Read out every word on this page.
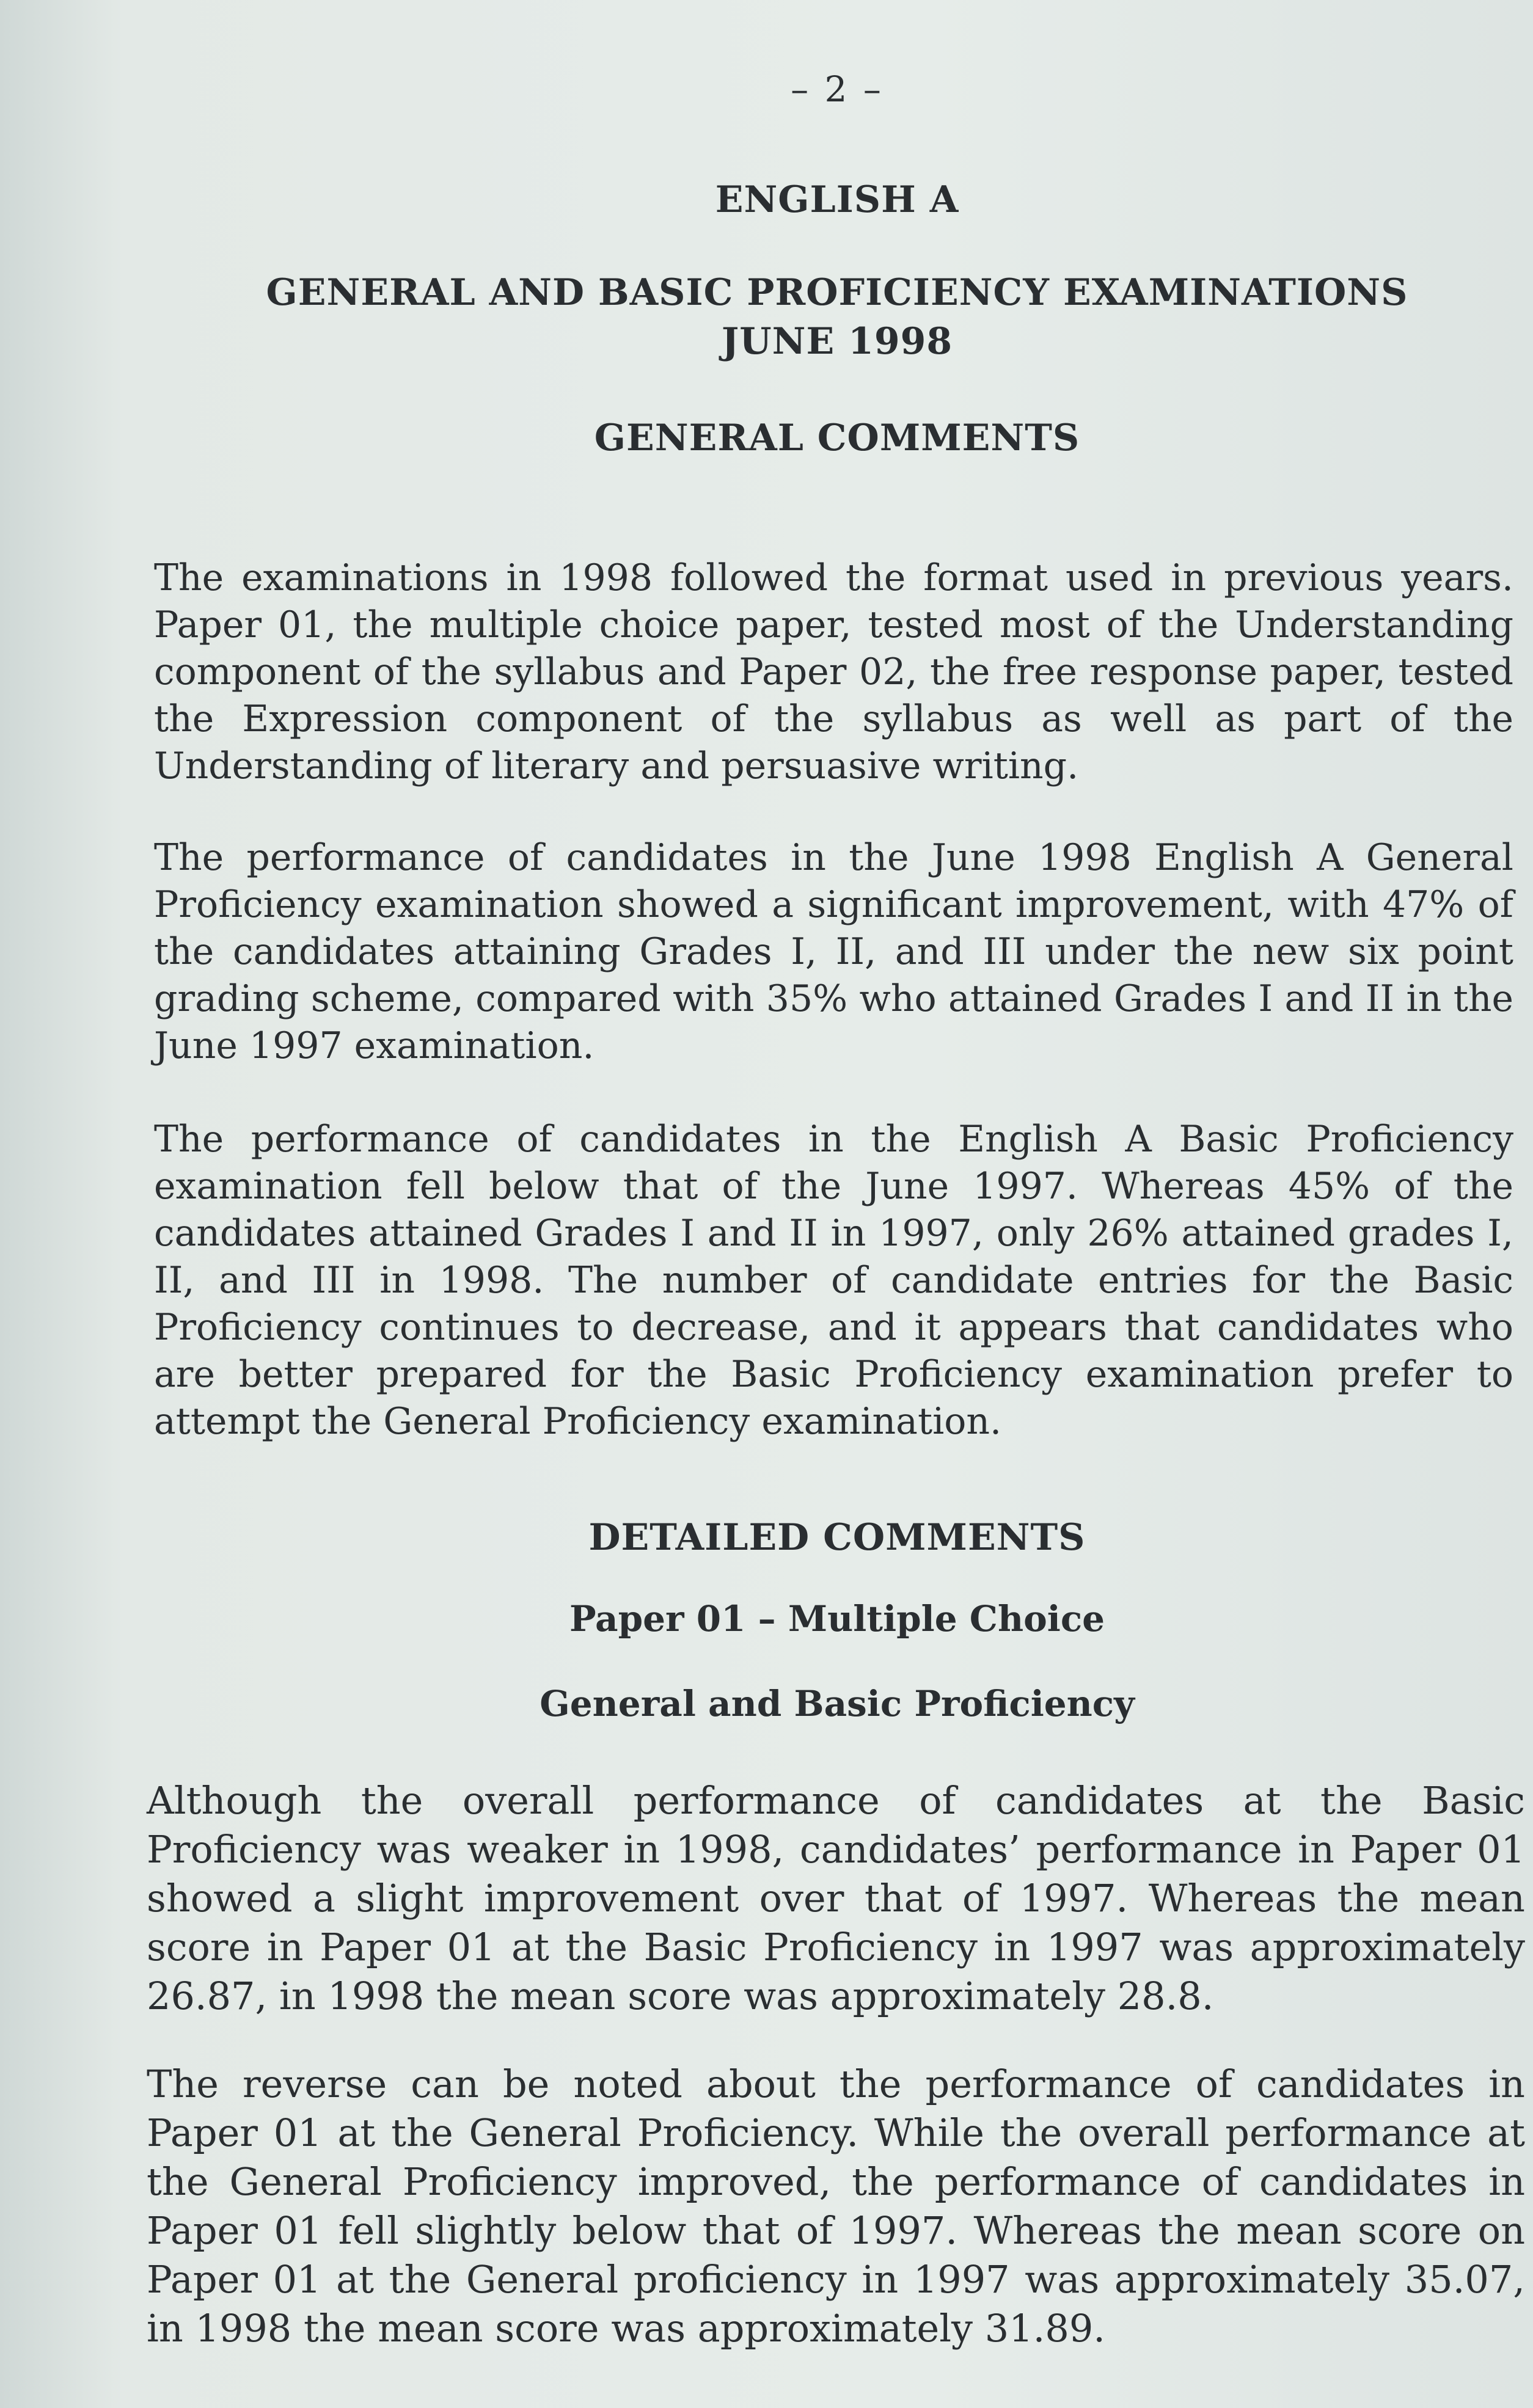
– 2 –
ENGLISH A
GENERAL AND BASIC PROFICIENCY EXAMINATIONS
JUNE 1998
GENERAL COMMENTS

The examinations in 1998 followed the format used in previous years. Paper 01, the multiple choice paper, tested most of the Understanding component of the syllabus and Paper 02, the free response paper, tested the Expression component of the syllabus as well as part of the Understanding of literary and persuasive writing.

The performance of candidates in the June 1998 English A General Proficiency examination showed a significant improvement, with 47% of the candidates attaining Grades I, II, and III under the new six point grading scheme, compared with 35% who attained Grades I and II in the June 1997 examination.

The performance of candidates in the English A Basic Proficiency examination fell below that of the June 1997. Whereas 45% of the candidates attained Grades I and II in 1997, only 26% attained grades I, II, and III in 1998. The number of candidate entries for the Basic Proficiency continues to decrease, and it appears that candidates who are better prepared for the Basic Proficiency examination prefer to attempt the General Proficiency examination.

DETAILED COMMENTS
Paper 01 – Multiple Choice
General and Basic Proficiency

Although the overall performance of candidates at the Basic Proficiency was weaker in 1998, candidates’ performance in Paper 01 showed a slight improvement over that of 1997. Whereas the mean score in Paper 01 at the Basic Proficiency in 1997 was approximately 26.87, in 1998 the mean score was approximately 28.8.

The reverse can be noted about the performance of candidates in Paper 01 at the General Proficiency. While the overall performance at the General Proficiency improved, the performance of candidates in Paper 01 fell slightly below that of 1997. Whereas the mean score on Paper 01 at the General proficiency in 1997 was approximately 35.07, in 1998 the mean score was approximately 31.89.
